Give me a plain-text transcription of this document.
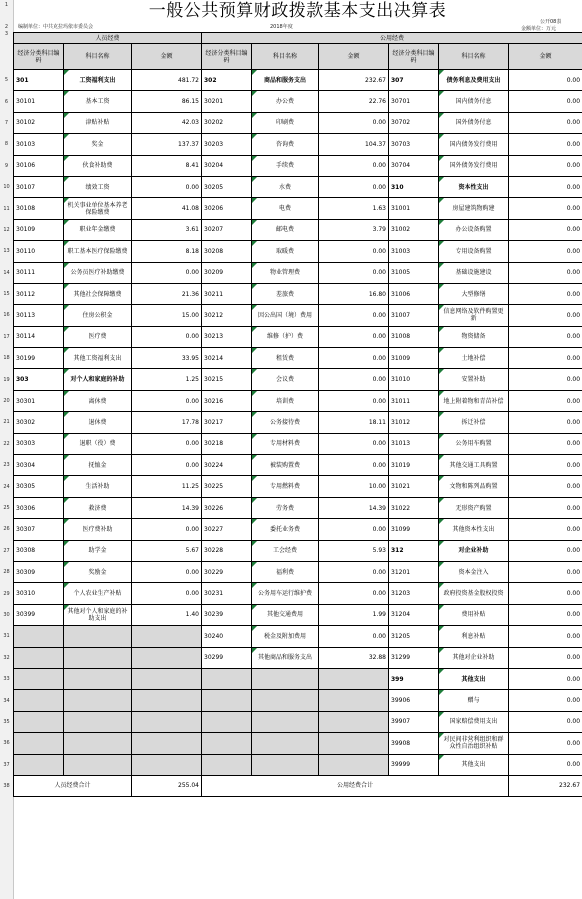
1
2
3
5
6
7
8
9
10
11
12
13
14
15
16
17
18
19
20
21
22
23
24
25
26
27
28
29
30
31
32
33
34
35
36
37
38
一般公共预算财政拨款基本支出决算表
编制单位：中共克拉玛依市委员会	2018年度
公开08表
金额单位：万元
人员经费			公用经费					
经济分类科目编码	科目名称	金额	经济分类科目编码	科目名称	金额	经济分类科目编码	科目名称	金额
301	工资福利支出	481.72	302	商品和服务支出	232.67	307	债务利息及费用支出	0.00
30101	基本工资	86.15	30201	办公费	22.76	30701	国内债务付息	0.00
30102	津贴补贴	42.03	30202	印刷费	0.00	30702	国外债务付息	0.00
30103	奖金	137.37	30203	咨询费	104.37	30703	国内债务发行费用	0.00
30106	伙食补助费	8.41	30204	手续费	0.00	30704	国外债务发行费用	0.00
30107	绩效工资	0.00	30205	水费	0.00	310	资本性支出	0.00
30108	机关事业单位基本养老保险缴费	41.08	30206	电费	1.63	31001	房屋建筑物购建	0.00
30109	职业年金缴费	3.61	30207	邮电费	3.79	31002	办公设备购置	0.00
30110	职工基本医疗保险缴费	8.18	30208	取暖费	0.00	31003	专用设备购置	0.00
30111	公务员医疗补助缴费	0.00	30209	物业管理费	0.00	31005	基础设施建设	0.00
30112	其他社会保障缴费	21.36	30211	差旅费	16.80	31006	大型修缮	0.00
30113	住房公积金	15.00	30212	因公出国（境）费用	0.00	31007	信息网络及软件购置更新	0.00
30114	医疗费	0.00	30213	维修（护）费	0.00	31008	物资储备	0.00
30199	其他工资福利支出	33.95	30214	租赁费	0.00	31009	土地补偿	0.00
303	对个人和家庭的补助	1.25	30215	会议费	0.00	31010	安置补助	0.00
30301	离休费	0.00	30216	培训费	0.00	31011	地上附着物和青苗补偿	0.00
30302	退休费	17.78	30217	公务接待费	18.11	31012	拆迁补偿	0.00
30303	退职（役）费	0.00	30218	专用材料费	0.00	31013	公务用车购置	0.00
30304	抚恤金	0.00	30224	被装购置费	0.00	31019	其他交通工具购置	0.00
30305	生活补助	11.25	30225	专用燃料费	10.00	31021	文物和陈列品购置	0.00
30306	救济费	14.39	30226	劳务费	14.39	31022	无形资产购置	0.00
30307	医疗费补助	0.00	30227	委托业务费	0.00	31099	其他资本性支出	0.00
30308	助学金	5.67	30228	工会经费	5.93	312	对企业补助	0.00
30309	奖励金	0.00	30229	福利费	0.00	31201	资本金注入	0.00
30310	个人农业生产补贴	0.00	30231	公务用车运行维护费	0.00	31203	政府投资基金股权投资	0.00
30399	其他对个人和家庭的补助支出	1.40	30239	其他交通费用	1.99	31204	费用补贴	0.00
			30240	税金及附加费用	0.00	31205	利息补贴	0.00
			30299	其他商品和服务支出	32.88	31299	其他对企业补助	0.00
						399	其他支出	0.00
						39906	赠与	0.00
						39907	国家赔偿费用支出	0.00
						39908	对民间非营利组织和群众性自治组织补贴	0.00
						39999	其他支出	0.00
人员经费合计		255.04	公用经费合计					232.67
